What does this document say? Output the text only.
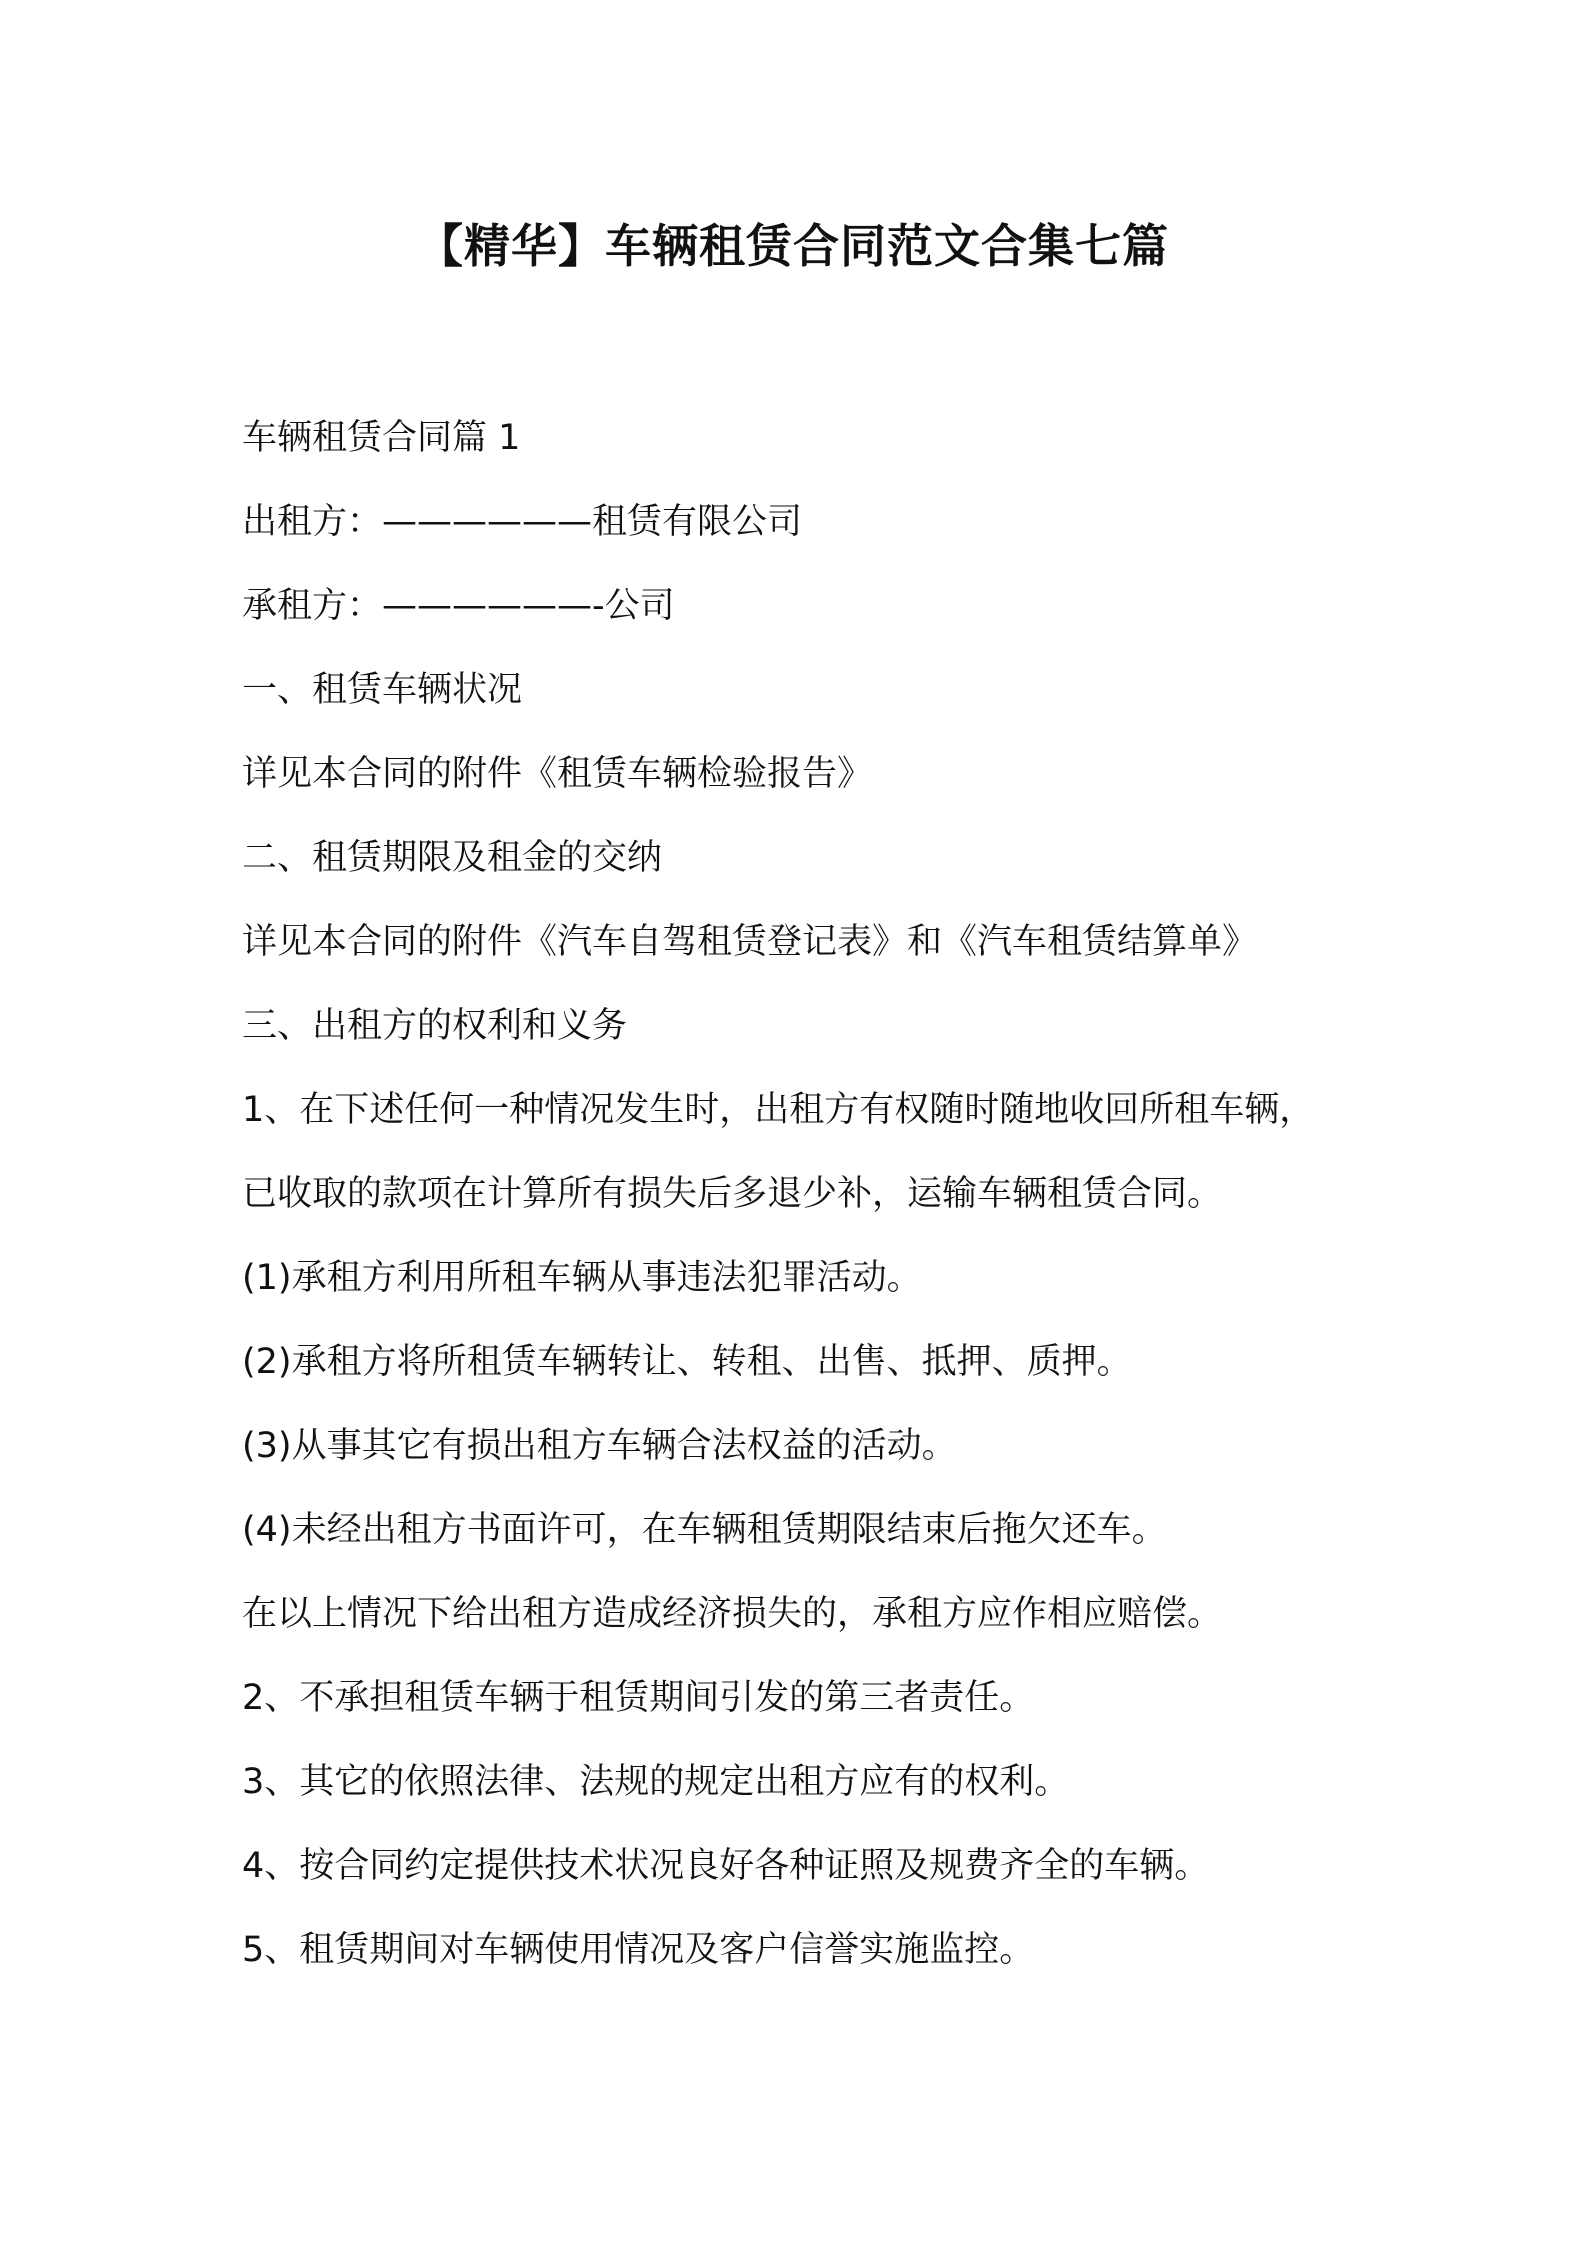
【精华】车辆租赁合同范文合集七篇
车辆租赁合同篇 1
出租方：——————租赁有限公司
承租方：——————-公司
一、租赁车辆状况
详见本合同的附件《租赁车辆检验报告》
二、租赁期限及租金的交纳
详见本合同的附件《汽车自驾租赁登记表》和《汽车租赁结算单》
三、出租方的权利和义务
1、在下述任何一种情况发生时，出租方有权随时随地收回所租车辆，
已收取的款项在计算所有损失后多退少补，运输车辆租赁合同。
(1)承租方利用所租车辆从事违法犯罪活动。
(2)承租方将所租赁车辆转让、转租、出售、抵押、质押。
(3)从事其它有损出租方车辆合法权益的活动。
(4)未经出租方书面许可，在车辆租赁期限结束后拖欠还车。
在以上情况下给出租方造成经济损失的，承租方应作相应赔偿。
2、不承担租赁车辆于租赁期间引发的第三者责任。
3、其它的依照法律、法规的规定出租方应有的权利。
4、按合同约定提供技术状况良好各种证照及规费齐全的车辆。
5、租赁期间对车辆使用情况及客户信誉实施监控。
